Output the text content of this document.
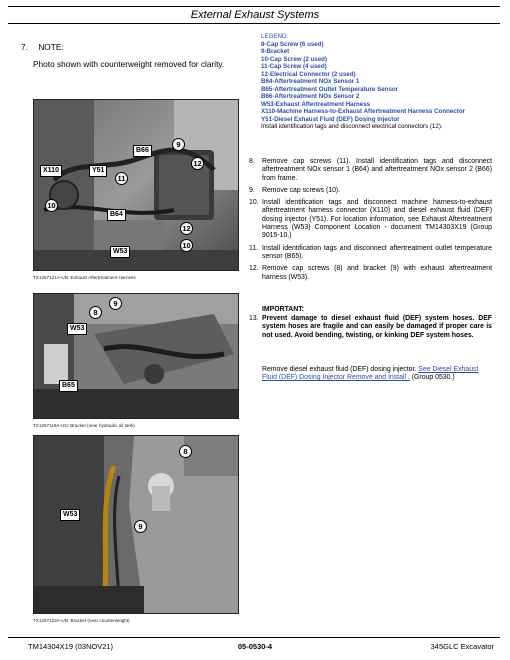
External Exhaust Systems
7. NOTE:
Photo shown with counterweight removed for clarity.
9
B66
12
X110	Y51
11
10
B64
12
W53
10
TX1257121A-UN: Exhaust Aftertreatment Harness
9
8
W53
B65
TX1257119A-UN: Bracket (near hydraulic oil tank)
8
W53
9
TX1257122A-UN: Bracket (near counterweight)
LEGEND:
8-Cap Screw (6 used)
9-Bracket
10-Cap Screw (2 used)
11-Cap Screw (4 used)
12-Electrical Connector (2 used)
B64-Aftertreatment NOx Sensor 1
B65-Aftertreatment Outlet Temperature Sensor
B66-Aftertreatment NOx Sensor 2
W53-Exhaust Aftertreatment Harness
X110-Machine Harness-to-Exhaust Aftertreatment Harness Connector
Y51-Diesel Exhaust Fluid (DEF) Dosing Injector
Install identification tags and disconnect electrical connectors (12).
8.	Remove cap screws (11). Install identification tags and disconnect aftertreatment NOx sensor 1 (B64) and aftertreatment NOx sensor 2 (B66) from frame.
9.	Remove cap screws (10).
10. Install identification tags and disconnect machine harness-to-exhaust aftertreatment harness connector (X110) and diesel exhaust fluid (DEF) dosing injector (Y51). For location information, see Exhaust Aftertreatment Harness (W53) Component Location - document TM14303X19 (Group 9015-10.)
11. Install identification tags and disconnect aftertreatment outlet temperature sensor (B65).
12. Remove cap screws (8) and bracket (9) with exhaust aftertreatment harness (W53).
IMPORTANT:
13. Prevent damage to diesel exhaust fluid (DEF) system hoses. DEF system hoses are fragile and can easily be damaged if proper care is not used. Avoid bending, twisting, or kinking DEF system hoses.
Remove diesel exhaust fluid (DEF) dosing injector. See Diesel Exhaust Fluid (DEF) Dosing Injector Remove and Install . (Group 0530.)
TM14304X19 (03NOV21)	05-0530-4	345GLC Excavator
